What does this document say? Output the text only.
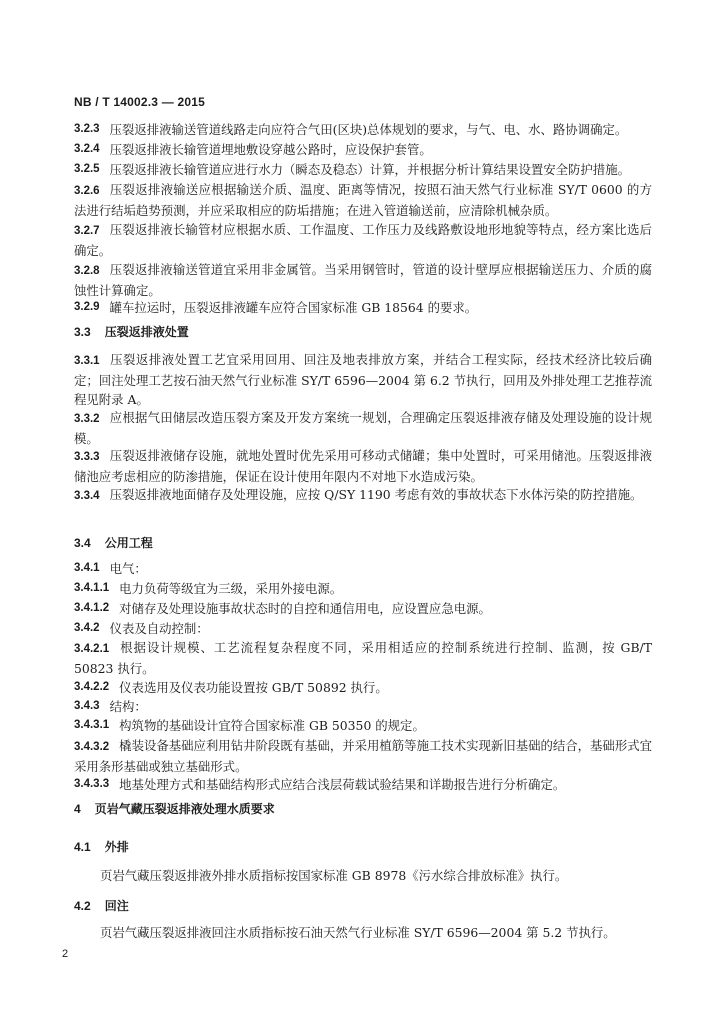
NB / T 14002.3 — 2015
3.2.3 压裂返排液输送管道线路走向应符合气田(区块)总体规划的要求，与气、电、水、路协调确定。
3.2.4 压裂返排液长输管道埋地敷设穿越公路时，应设保护套管。
3.2.5 压裂返排液长输管道应进行水力（瞬态及稳态）计算，并根据分析计算结果设置安全防护措施。
3.2.6 压裂返排液输送应根据输送介质、温度、距离等情况，按照石油天然气行业标准 SY/T 0600 的方法进行结垢趋势预测，并应采取相应的防垢措施；在进入管道输送前，应清除机械杂质。
3.2.7 压裂返排液长输管材应根据水质、工作温度、工作压力及线路敷设地形地貌等特点，经方案比选后确定。
3.2.8 压裂返排液输送管道宜采用非金属管。当采用钢管时，管道的设计壁厚应根据输送压力、介质的腐蚀性计算确定。
3.2.9 罐车拉运时，压裂返排液罐车应符合国家标准 GB 18564 的要求。
3.3 压裂返排液处置
3.3.1 压裂返排液处置工艺宜采用回用、回注及地表排放方案，并结合工程实际，经技术经济比较后确定；回注处理工艺按石油天然气行业标准 SY/T 6596—2004 第 6.2 节执行，回用及外排处理工艺推荐流程见附录 A。
3.3.2 应根据气田储层改造压裂方案及开发方案统一规划，合理确定压裂返排液存储及处理设施的设计规模。
3.3.3 压裂返排液储存设施，就地处置时优先采用可移动式储罐；集中处置时，可采用储池。压裂返排液储池应考虑相应的防渗措施，保证在设计使用年限内不对地下水造成污染。
3.3.4 压裂返排液地面储存及处理设施，应按 Q/SY 1190 考虑有效的事故状态下水体污染的防控措施。
3.4 公用工程
3.4.1 电气：
3.4.1.1 电力负荷等级宜为三级，采用外接电源。
3.4.1.2 对储存及处理设施事故状态时的自控和通信用电，应设置应急电源。
3.4.2 仪表及自动控制：
3.4.2.1 根据设计规模、工艺流程复杂程度不同，采用相适应的控制系统进行控制、监测，按 GB/T 50823 执行。
3.4.2.2 仪表选用及仪表功能设置按 GB/T 50892 执行。
3.4.3 结构：
3.4.3.1 构筑物的基础设计宜符合国家标准 GB 50350 的规定。
3.4.3.2 橇装设备基础应利用钻井阶段既有基础，并采用植筋等施工技术实现新旧基础的结合，基础形式宜采用条形基础或独立基础形式。
3.4.3.3 地基处理方式和基础结构形式应结合浅层荷载试验结果和详勘报告进行分析确定。
4 页岩气藏压裂返排液处理水质要求
4.1 外排
页岩气藏压裂返排液外排水质指标按国家标准 GB 8978《污水综合排放标准》执行。
4.2 回注
页岩气藏压裂返排液回注水质指标按石油天然气行业标准 SY/T 6596—2004 第 5.2 节执行。
2
